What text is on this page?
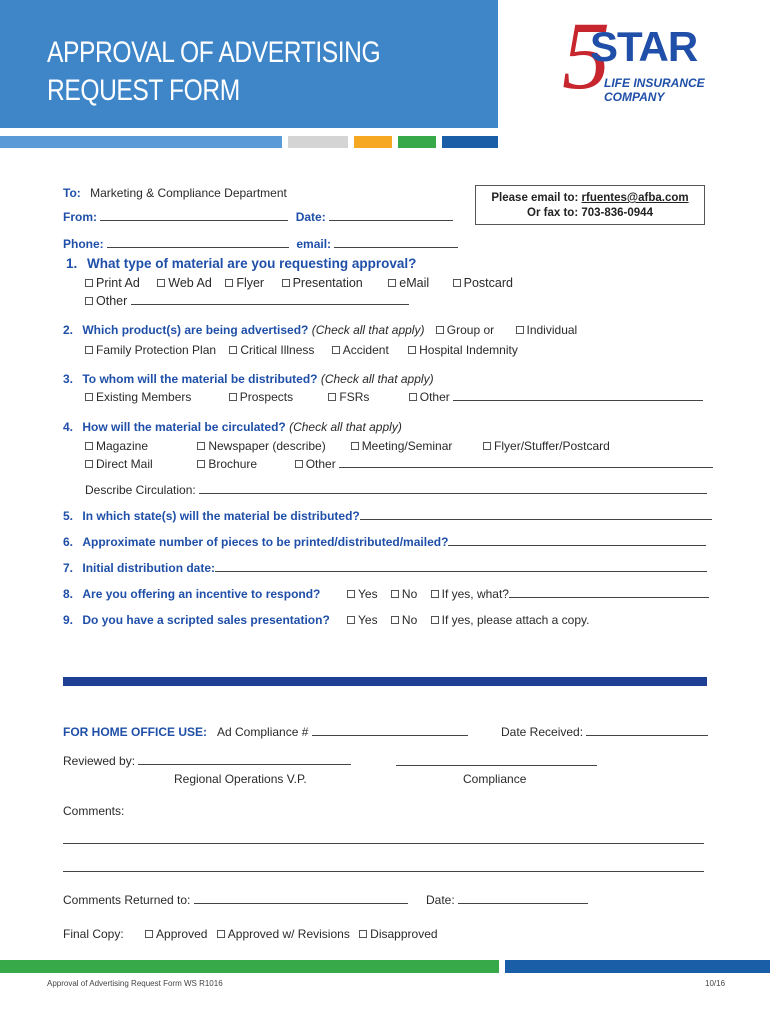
APPROVAL OF ADVERTISING
REQUEST FORM	5
STAR
LIFE INSURANCE
COMPANY
To: Marketing & Compliance Department
From:	Date:
Phone:	email:
Please email to: rfuentes@afba.com
Or fax to: 703-836-0944
1. What type of material are you requesting approval?
Print Ad Web Ad Flyer Presentation	eMail	Postcard
Other
2. Which product(s) are being advertised? (Check all that apply) Group or	Individual
Family Protection Plan Critical Illness Accident	Hospital Indemnity
3. To whom will the material be distributed? (Check all that apply)
Existing Members	Prospects	FSRs	Other
4. How will the material be circulated? (Check all that apply)
Magazine	Newspaper (describe)	Meeting/Seminar	Flyer/Stuffer/Postcard
Direct Mail	Brochure	Other
Describe Circulation:
5. In which state(s) will the material be distributed?
6. Approximate number of pieces to be printed/distributed/mailed?
7. Initial distribution date:
8. Are you offering an incentive to respond?	Yes No If yes, what?
9. Do you have a scripted sales presentation?	Yes No If yes, please attach a copy.
FOR HOME OFFICE USE: Ad Compliance #	Date Received:
Reviewed by:
Regional Operations V.P.	Compliance
Comments:
Comments Returned to:	Date:
Final Copy:	Approved Approved w/ Revisions Disapproved
Approval of Advertising Request Form WS R1016	10/16
